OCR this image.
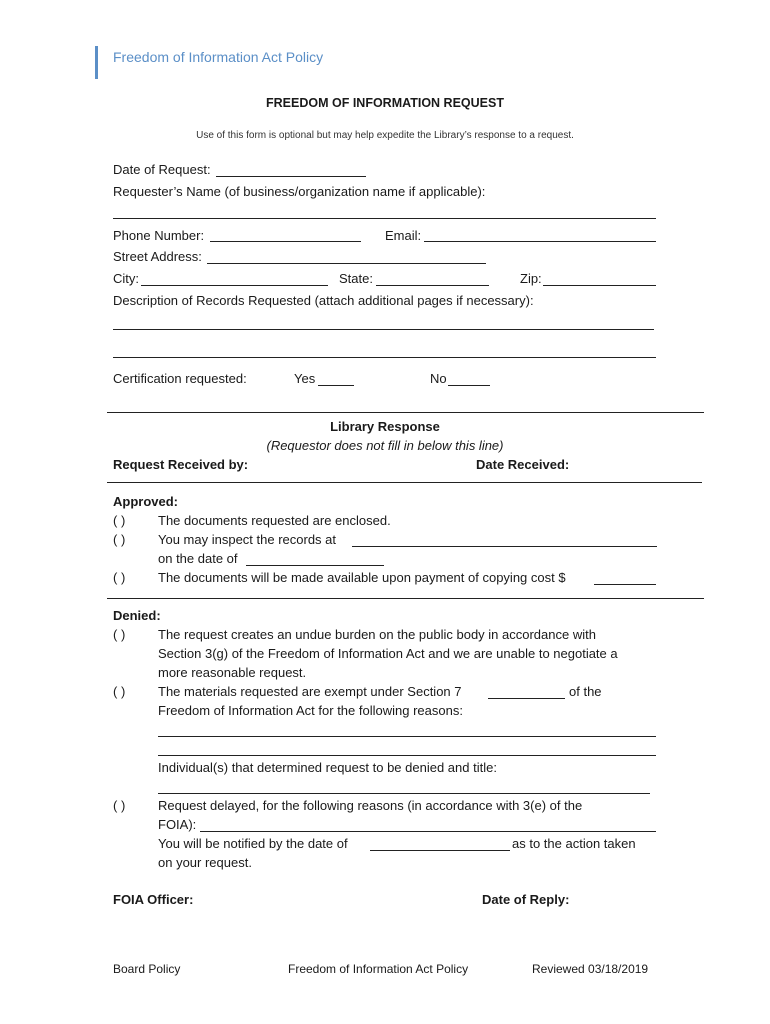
Freedom of Information Act Policy
FREEDOM OF INFORMATION REQUEST
Use of this form is optional but may help expedite the Library’s response to a request.
Date of Request:
Requester’s Name (of business/organization name if applicable):
Phone Number:	Email:
Street Address:
City:	State:	Zip:
Description of Records Requested (attach additional pages if necessary):
Certification requested:	Yes	No
Library Response
(Requestor does not fill in below this line)
Request Received by:	Date Received:
Approved:
( )	The documents requested are enclosed.
( )	You may inspect the records at
on the date of
( )	The documents will be made available upon payment of copying cost $
Denied:
( )	The request creates an undue burden on the public body in accordance with
Section 3(g) of the Freedom of Information Act and we are unable to negotiate a
more reasonable request.
( )	The materials requested are exempt under Section 7	of the
Freedom of Information Act for the following reasons:
Individual(s) that determined request to be denied and title:
( )	Request delayed, for the following reasons (in accordance with 3(e) of the
FOIA):
You will be notified by the date of	as to the action taken
on your request.
FOIA Officer:	Date of Reply:
Board Policy	Freedom of Information Act Policy	Reviewed 03/18/2019
